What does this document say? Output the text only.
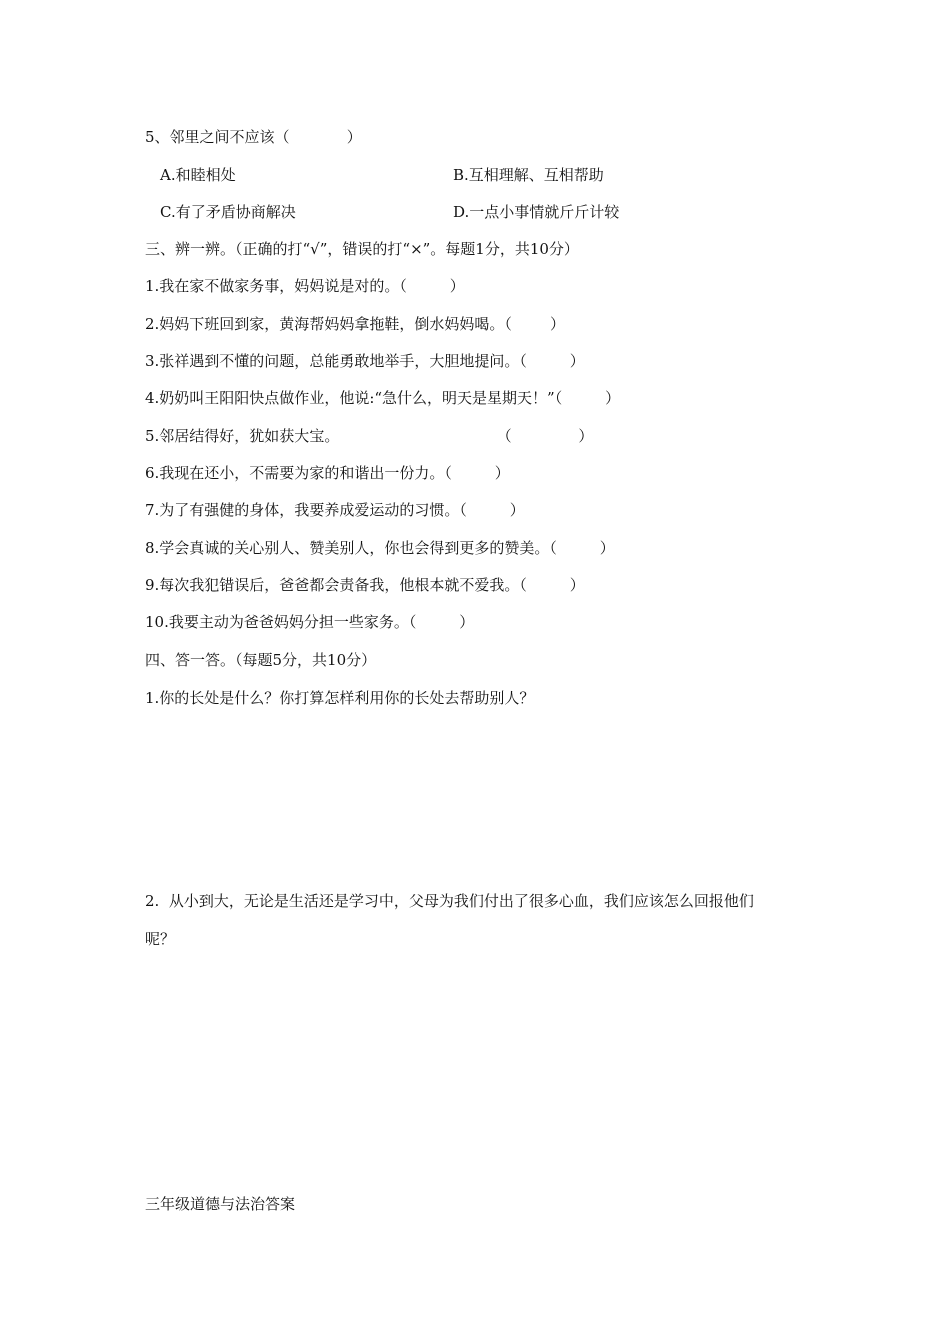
5、邻里之间不应该（            ）
A.和睦相处	B.互相理解、互相帮助
C.有了矛盾协商解决	D.一点小事情就斤斤计较
三、辨一辨。（正确的打“√”，错误的打“×”。每题1分，共10分）
1.我在家不做家务事，妈妈说是对的。（         ）
2.妈妈下班回到家，黄海帮妈妈拿拖鞋，倒水妈妈喝。（        ）
3.张祥遇到不懂的问题，总能勇敢地举手，大胆地提问。（         ）
4.奶奶叫王阳阳快点做作业，他说:“急什么，明天是星期天！”（         ）
5.邻居结得好，犹如获大宝。                                 （              ）
6.我现在还小，不需要为家的和谐出一份力。（         ）
7.为了有强健的身体，我要养成爱运动的习惯。（         ）
8.学会真诚的关心别人、赞美别人，你也会得到更多的赞美。（         ）
9.每次我犯错误后，爸爸都会责备我，他根本就不爱我。（         ）
10.我要主动为爸爸妈妈分担一些家务。（         ）
四、答一答。（每题5分，共10分）
1.你的长处是什么？你打算怎样利用你的长处去帮助别人？
2.  从小到大，无论是生活还是学习中，父母为我们付出了很多心血，我们应该怎么回报他们
呢？
三年级道德与法治答案
